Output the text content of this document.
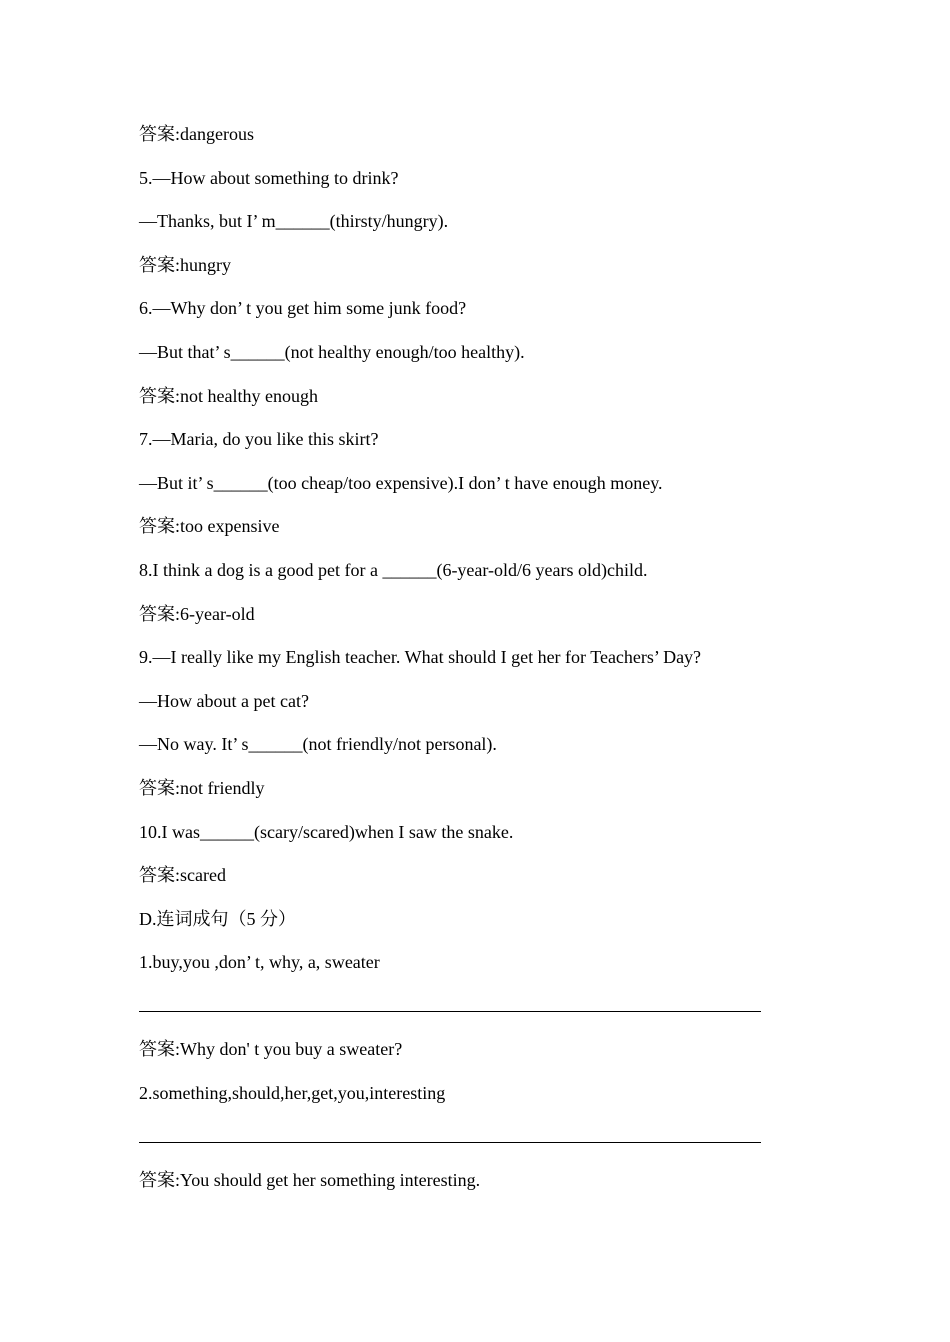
答案:dangerous
5.—How about something to drink?
—Thanks, but I’ m______(thirsty/hungry).
答案:hungry
6.—Why don’ t you get him some junk food?
—But that’ s______(not healthy enough/too healthy).
答案:not healthy enough
7.—Maria, do you like this skirt?
—But it’ s______(too cheap/too expensive).I don’ t have enough money.
答案:too expensive
8.I think a dog is a good pet for a ______(6-year-old/6 years old)child.
答案:6-year-old
9.—I really like my English teacher. What should I get her for Teachers’ Day?
—How about a pet cat?
—No way. It’ s______(not friendly/not personal).
答案:not friendly
10.I was______(scary/scared)when I saw the snake.
答案:scared
D.连词成句（5 分）
1.buy,you ,don’ t, why, a, sweater
答案:Why don' t you buy a sweater?
2.something,should,her,get,you,interesting
答案:You should get her something interesting.
